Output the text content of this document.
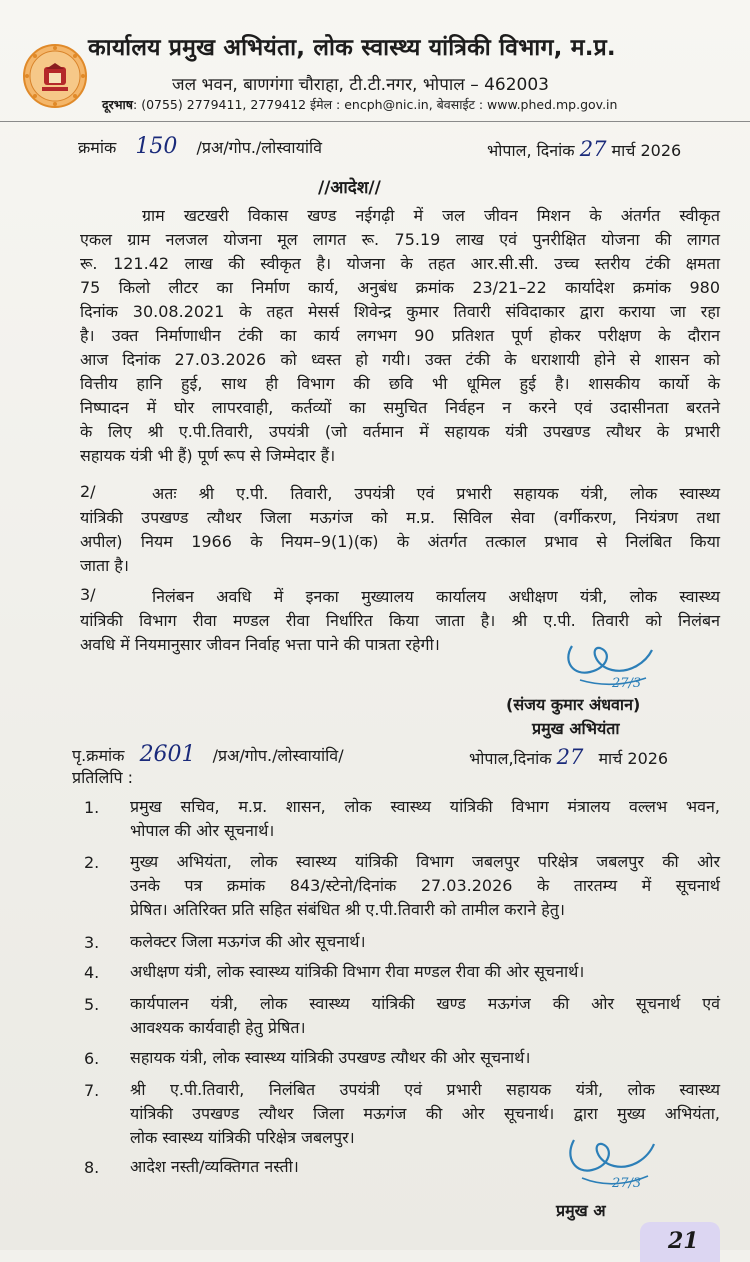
कार्यालय प्रमुख अभियंता, लोक स्वास्थ्य यांत्रिकी विभाग, म.प्र.
जल भवन, बाणगंगा चौराहा, टी.टी.नगर, भोपाल – 462003
दूरभाष: (0755) 2779411, 2779412 ईमेल : encph@nic.in, बेवसाईट : www.phed.mp.gov.in
क्रमांक 150 /प्रअ/गोप./लोस्वायांवि	भोपाल, दिनांक 27 मार्च 2026
//आदेश//
ग्राम खटखरी विकास खण्ड नईगढ़ी में जल जीवन मिशन के अंतर्गत स्वीकृत
एकल ग्राम नलजल योजना मूल लागत रू. 75.19 लाख एवं पुनरीक्षित योजना की लागत
रू. 121.42 लाख की स्वीकृत है। योजना के तहत आर.सी.सी. उच्च स्तरीय टंकी क्षमता
75 किलो लीटर का निर्माण कार्य, अनुबंध क्रमांक 23/21–22 कार्यादेश क्रमांक 980
दिनांक 30.08.2021 के तहत मेसर्स शिवेन्द्र कुमार तिवारी संविदाकार द्वारा कराया जा रहा
है। उक्त निर्माणाधीन टंकी का कार्य लगभग 90 प्रतिशत पूर्ण होकर परीक्षण के दौरान
आज दिनांक 27.03.2026 को ध्वस्त हो गयी। उक्त टंकी के धराशायी होने से शासन को
वित्तीय हानि हुई, साथ ही विभाग की छवि भी धूमिल हुई है। शासकीय कार्यो के
निष्पादन में घोर लापरवाही, कर्तव्यों का समुचित निर्वहन न करने एवं उदासीनता बरतने
के लिए श्री ए.पी.तिवारी, उपयंत्री (जो वर्तमान में सहायक यंत्री उपखण्ड त्यौथर के प्रभारी
सहायक यंत्री भी हैं) पूर्ण रूप से जिम्मेदार हैं।
2/	अतः श्री ए.पी. तिवारी, उपयंत्री एवं प्रभारी सहायक यंत्री, लोक स्वास्थ्य
यांत्रिकी उपखण्ड त्यौथर जिला मऊगंज को म.प्र. सिविल सेवा (वर्गीकरण, नियंत्रण तथा
अपील) नियम 1966 के नियम–9(1)(क) के अंतर्गत तत्काल प्रभाव से निलंबित किया
जाता है।
3/	निलंबन अवधि में इनका मुख्यालय कार्यालय अधीक्षण यंत्री, लोक स्वास्थ्य
यांत्रिकी विभाग रीवा मण्डल रीवा निर्धारित किया जाता है। श्री ए.पी. तिवारी को निलंबन
अवधि में नियमानुसार जीवन निर्वाह भत्ता पाने की पात्रता रहेगी।
27/3
(संजय कुमार अंधवान)
प्रमुख अभियंता
पृ.क्रमांक 2601 /प्रअ/गोप./लोस्वायांवि/	भोपाल,दिनांक 27 मार्च 2026
प्रतिलिपि :
1. प्रमुख सचिव, म.प्र. शासन, लोक स्वास्थ्य यांत्रिकी विभाग मंत्रालय वल्लभ भवन,
भोपाल की ओर सूचनार्थ।
2. मुख्य अभियंता, लोक स्वास्थ्य यांत्रिकी विभाग जबलपुर परिक्षेत्र जबलपुर की ओर
उनके पत्र क्रमांक 843/स्टेनो/दिनांक 27.03.2026 के तारतम्य में सूचनार्थ
प्रेषित। अतिरिक्त प्रति सहित संबंधित श्री ए.पी.तिवारी को तामील कराने हेतु।
3. कलेक्टर जिला मऊगंज की ओर सूचनार्थ।
4. अधीक्षण यंत्री, लोक स्वास्थ्य यांत्रिकी विभाग रीवा मण्डल रीवा की ओर सूचनार्थ।
5. कार्यपालन यंत्री, लोक स्वास्थ्य यांत्रिकी खण्ड मऊगंज की ओर सूचनार्थ एवं
आवश्यक कार्यवाही हेतु प्रेषित।
6. सहायक यंत्री, लोक स्वास्थ्य यांत्रिकी उपखण्ड त्यौथर की ओर सूचनार्थ।
7. श्री ए.पी.तिवारी, निलंबित उपयंत्री एवं प्रभारी सहायक यंत्री, लोक स्वास्थ्य
यांत्रिकी उपखण्ड त्यौथर जिला मऊगंज की ओर सूचनार्थ। द्वारा मुख्य अभियंता,
लोक स्वास्थ्य यांत्रिकी परिक्षेत्र जबलपुर।
8. आदेश नस्ती/व्यक्तिगत नस्ती।
27/3
प्रमुख अ
21
